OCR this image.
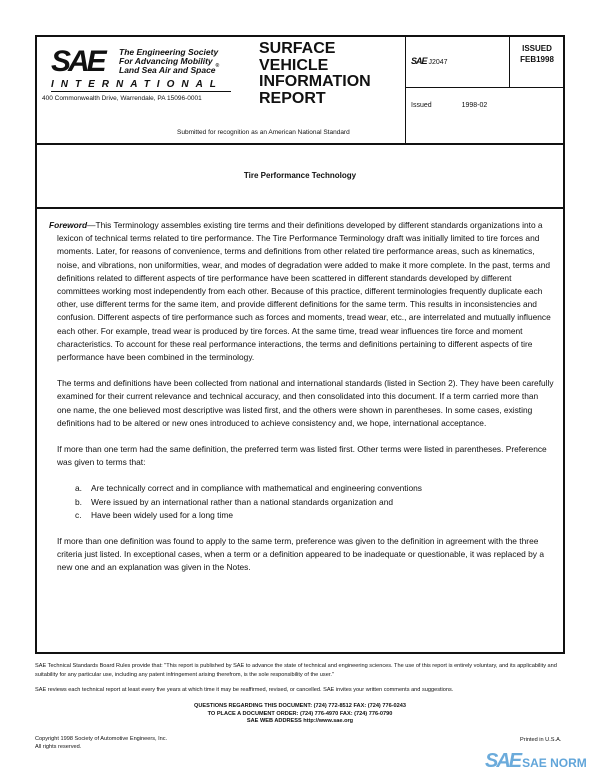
SAE The Engineering Society
For Advancing Mobility
Land Sea Air and Space®
INTERNATIONAL
400 Commonwealth Drive, Warrendale, PA 15096-0001
SURFACE
VEHICLE
INFORMATION
REPORT
Submitted for recognition as an American National Standard
SAE J2047
ISSUED
FEB1998
Issued	1998-02
Tire Performance Technology

Foreword—This Terminology assembles existing tire terms and their definitions developed by different standards organizations into a lexicon of technical terms related to tire performance. The Tire Performance Terminology draft was initially limited to tire forces and moments. Later, for reasons of convenience, terms and definitions from other related tire performance areas, such as kinematics, noise, and vibrations, non uniformities, wear, and modes of degradation were added to make it more complete. In the past, terms and definitions related to different aspects of tire performance have been scattered in different standards developed by different committees working most independently from each other. Because of this practice, different terminologies frequently duplicate each other, use different terms for the same item, and provide different definitions for the same term. This results in inconsistencies and confusion. Different aspects of tire performance such as forces and moments, tread wear, etc., are interrelated and mutually influence each other. For example, tread wear is produced by tire forces. At the same time, tread wear influences tire force and moment characteristics. To account for these real performance interactions, the terms and definitions pertaining to different aspects of tire performance have been combined in the terminology.

The terms and definitions have been collected from national and international standards (listed in Section 2). They have been carefully examined for their current relevance and technical accuracy, and then consolidated into this document. If a term carried more than one name, the one believed most descriptive was listed first, and the others were shown in parentheses. In some cases, existing definitions had to be altered or new ones introduced to achieve consistency and, we hope, international acceptance.

If more than one term had the same definition, the preferred term was listed first. Other terms were listed in parentheses. Preference was given to terms that:

a. Are technically correct and in compliance with mathematical and engineering conventions
b. Were issued by an international rather than a national standards organization and
c. Have been widely used for a long time

If more than one definition was found to apply to the same term, preference was given to the definition in agreement with the three criteria just listed. In exceptional cases, when a term or a definition appeared to be inadequate or questionable, it was replaced by a new one and an explanation was given in the Notes.

SAE Technical Standards Board Rules provide that: "This report is published by SAE to advance the state of technical and engineering sciences. The use of this report is entirely voluntary, and its applicability and suitability for any particular use, including any patent infringement arising therefrom, is the sole responsibility of the user."
SAE reviews each technical report at least every five years at which time it may be reaffirmed, revised, or cancelled. SAE invites your written comments and suggestions.
QUESTIONS REGARDING THIS DOCUMENT: (724) 772-8512 FAX: (724) 776-0243
TO PLACE A DOCUMENT ORDER: (724) 776-4970 FAX: (724) 776-0790
SAE WEB ADDRESS http://www.sae.org
Copyright 1998 Society of Automotive Engineers, Inc.
All rights reserved.
Printed in U.S.A.
SAE SAE NORM
